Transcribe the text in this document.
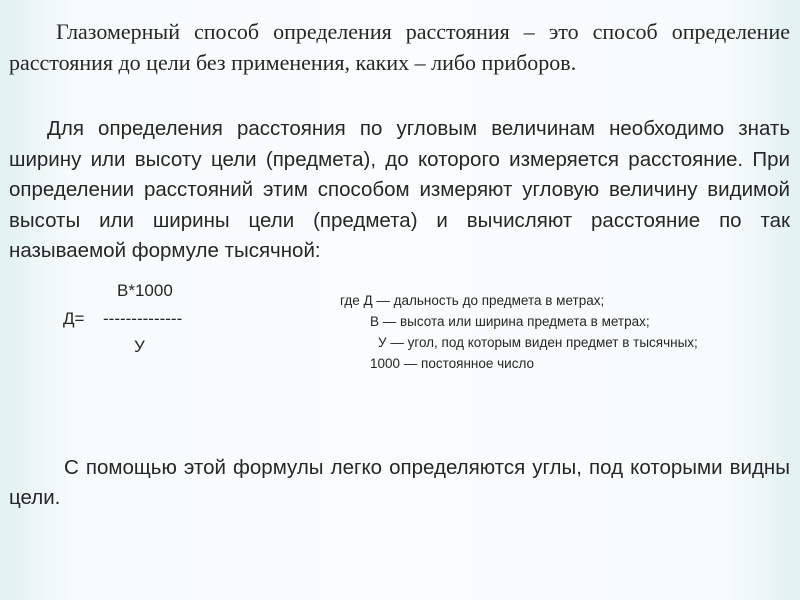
Глазомерный способ определения расстояния – это способ определение расстояния до цели без применения, каких – либо приборов.

Для определения расстояния по угловым величинам необходимо знать ширину или высоту цели (предмета), до которого измеряется расстояние. При определении расстояний этим способом измеряют угловую величину видимой высоты или ширины цели (предмета) и вычисляют расстояние по так называемой формуле тысячной:

В*1000
Д= --------------
У
где Д — дальность до предмета в метрах;
В — высота или ширина предмета в метрах;
У — угол, под которым виден предмет в тысячных;
1000 — постоянное число

С помощью этой формулы легко определяются углы, под которыми видны цели.
